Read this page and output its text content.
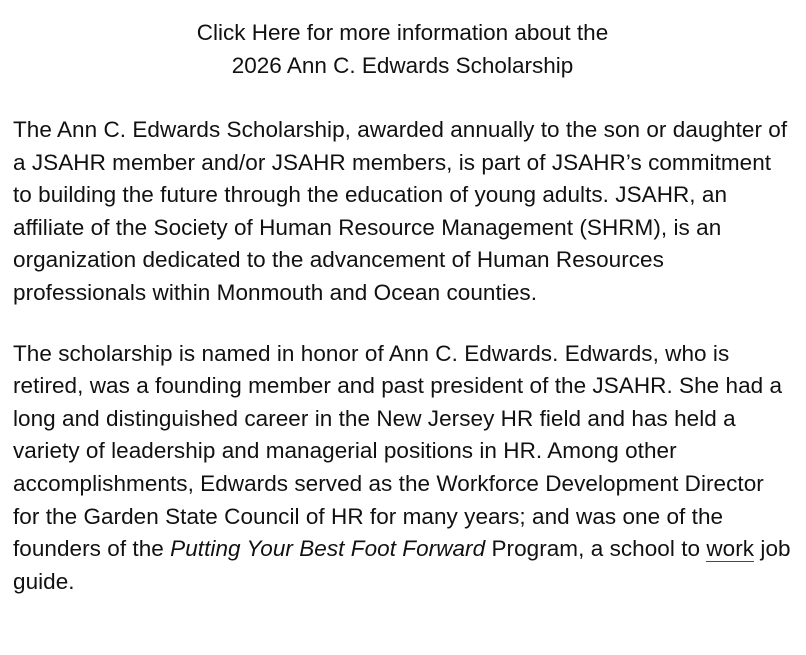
Click Here for more information about the
2026 Ann C. Edwards Scholarship

The Ann C. Edwards Scholarship, awarded annually to the son or daughter of a JSAHR member and/or JSAHR members, is part of JSAHR’s commitment to building the future through the education of young adults. JSAHR, an affiliate of the Society of Human Resource Management (SHRM), is an organization dedicated to the advancement of Human Resources professionals within Monmouth and Ocean counties.

The scholarship is named in honor of Ann C. Edwards. Edwards, who is retired, was a founding member and past president of the JSAHR. She had a long and distinguished career in the New Jersey HR field and has held a variety of leadership and managerial positions in HR. Among other accomplishments, Edwards served as the Workforce Development Director for the Garden State Council of HR for many years; and was one of the founders of the Putting Your Best Foot Forward Program, a school to work job guide.
